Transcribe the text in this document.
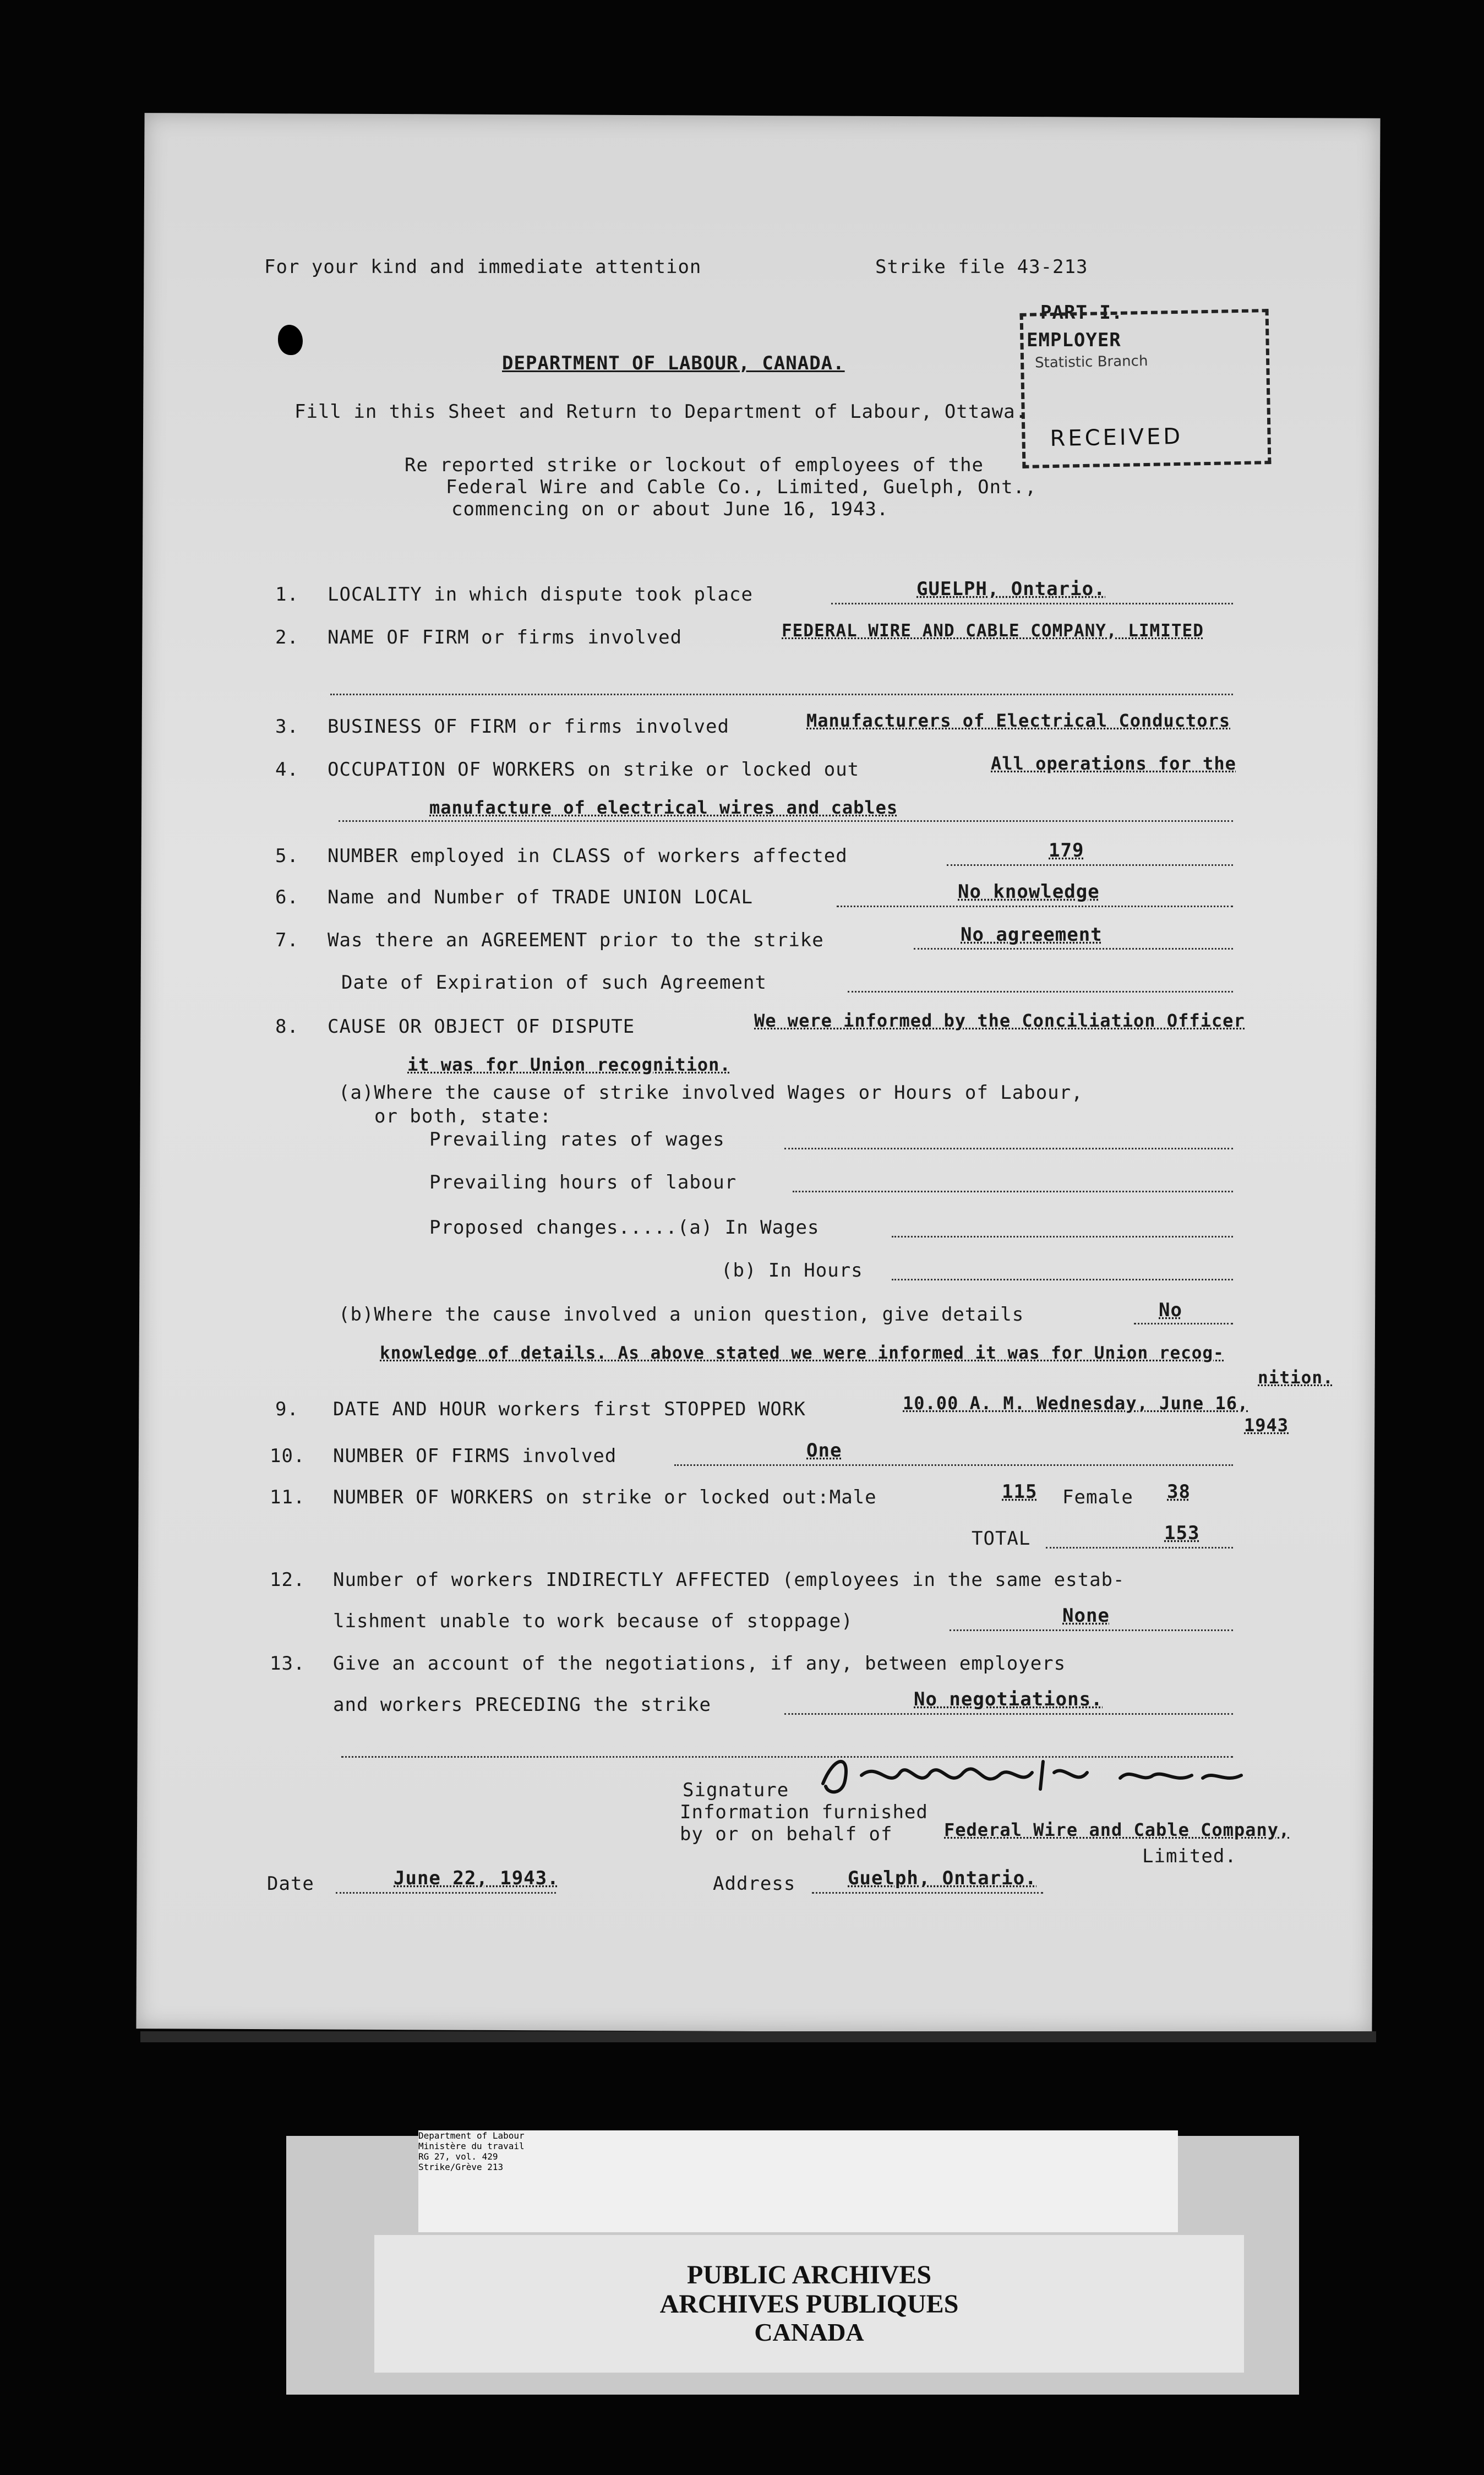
For your kind and immediate attention	Strike file 43-213
PART I.
EMPLOYER
Statistic Branch
RECEIVED
DEPARTMENT OF LABOUR, CANADA.
Fill in this Sheet and Return to Department of Labour, Ottawa.
Re reported strike or lockout of employees of the
Federal Wire and Cable Co., Limited, Guelph, Ont.,
commencing on or about June 16, 1943.
1. LOCALITY in which dispute took place	GUELPH, Ontario.
2. NAME OF FIRM or firms involved	FEDERAL WIRE AND CABLE COMPANY, LIMITED
3. BUSINESS OF FIRM or firms involved	Manufacturers of Electrical Conductors
4. OCCUPATION OF WORKERS on strike or locked out	All operations for the
manufacture of electrical wires and cables
5. NUMBER employed in CLASS of workers affected	179
6. Name and Number of TRADE UNION LOCAL	No knowledge
7. Was there an AGREEMENT prior to the strike	No agreement
Date of Expiration of such Agreement
8. CAUSE OR OBJECT OF DISPUTE	We were informed by the Conciliation Officer
it was for Union recognition.
(a)Where the cause of strike involved Wages or Hours of Labour,
or both, state:
Prevailing rates of wages
Prevailing hours of labour
Proposed changes.....(a) In Wages
(b) In Hours
(b)Where the cause involved a union question, give details	No
knowledge of details. As above stated we were informed it was for Union recog-
nition.
9. DATE AND HOUR workers first STOPPED WORK	10.00 A. M. Wednesday, June 16,
1943
10. NUMBER OF FIRMS involved	One
11. NUMBER OF WORKERS on strike or locked out:Male	115 Female 38
TOTAL	153
12. Number of workers INDIRECTLY AFFECTED (employees in the same estab-
lishment unable to work because of stoppage)	None
13. Give an account of the negotiations, if any, between employers
and workers PRECEDING the strike	No negotiations.
Signature
Information furnished
by or on behalf of	Federal Wire and Cable Company,
Limited.
Date	June 22, 1943.	Address	Guelph, Ontario.
Department of Labour
Ministère du travail
RG 27, vol. 429
Strike/Grève 213
PUBLIC ARCHIVES
ARCHIVES PUBLIQUES
CANADA
